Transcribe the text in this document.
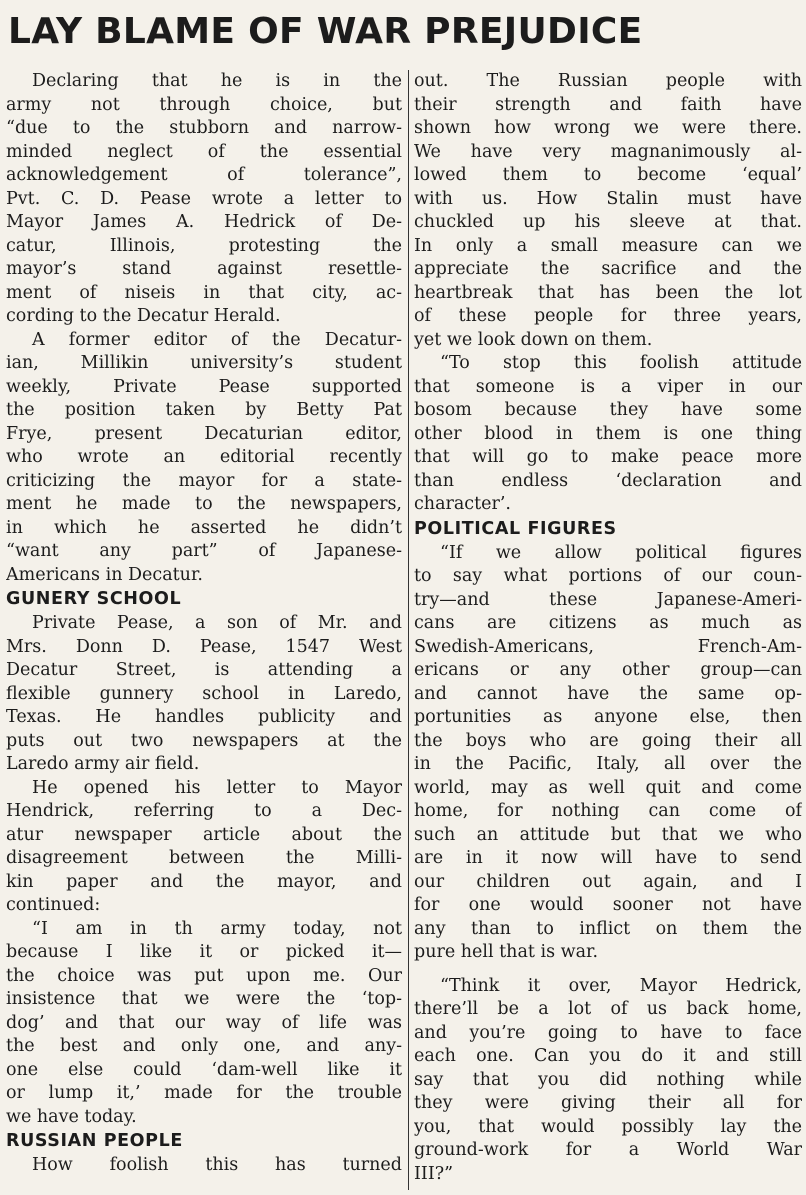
LAY BLAME OF WAR PREJUDICE
Declaring that he is in the
army not through choice, but
“due to the stubborn and narrow-
minded neglect of the essential
acknowledgement of tolerance”,
Pvt. C. D. Pease wrote a letter to
Mayor James A. Hedrick of De-
catur, Illinois, protesting the
mayor’s stand against resettle-
ment of niseis in that city, ac-
cording to the Decatur Herald.
A former editor of the Decatur-
ian, Millikin university’s student
weekly, Private Pease supported
the position taken by Betty Pat
Frye, present Decaturian editor,
who wrote an editorial recently
criticizing the mayor for a state-
ment he made to the newspapers,
in which he asserted he didn’t
“want any part” of Japanese-
Americans in Decatur.
GUNERY SCHOOL
Private Pease, a son of Mr. and
Mrs. Donn D. Pease, 1547 West
Decatur Street, is attending a
flexible gunnery school in Laredo,
Texas. He handles publicity and
puts out two newspapers at the
Laredo army air field.
He opened his letter to Mayor
Hendrick, referring to a Dec-
atur newspaper article about the
disagreement between the Milli-
kin paper and the mayor, and
continued:
“I am in th army today, not
because I like it or picked it—
the choice was put upon me. Our
insistence that we were the ‘top-
dog’ and that our way of life was
the best and only one, and any-
one else could ‘dam-well like it
or lump it,’ made for the trouble
we have today.
RUSSIAN PEOPLE
How foolish this has turned
out. The Russian people with
their strength and faith have
shown how wrong we were there.
We have very magnanimously al-
lowed them to become ‘equal’
with us. How Stalin must have
chuckled up his sleeve at that.
In only a small measure can we
appreciate the sacrifice and the
heartbreak that has been the lot
of these people for three years,
yet we look down on them.
“To stop this foolish attitude
that someone is a viper in our
bosom because they have some
other blood in them is one thing
that will go to make peace more
than endless ‘declaration and
character’.
POLITICAL FIGURES
“If we allow political figures
to say what portions of our coun-
try—and these Japanese-Ameri-
cans are citizens as much as
Swedish-Americans, French-Am-
ericans or any other group—can
and cannot have the same op-
portunities as anyone else, then
the boys who are going their all
in the Pacific, Italy, all over the
world, may as well quit and come
home, for nothing can come of
such an attitude but that we who
are in it now will have to send
our children out again, and I
for one would sooner not have
any than to inflict on them the
pure hell that is war.
“Think it over, Mayor Hedrick,
there’ll be a lot of us back home,
and you’re going to have to face
each one. Can you do it and still
say that you did nothing while
they were giving their all for
you, that would possibly lay the
ground-work for a World War
III?”
